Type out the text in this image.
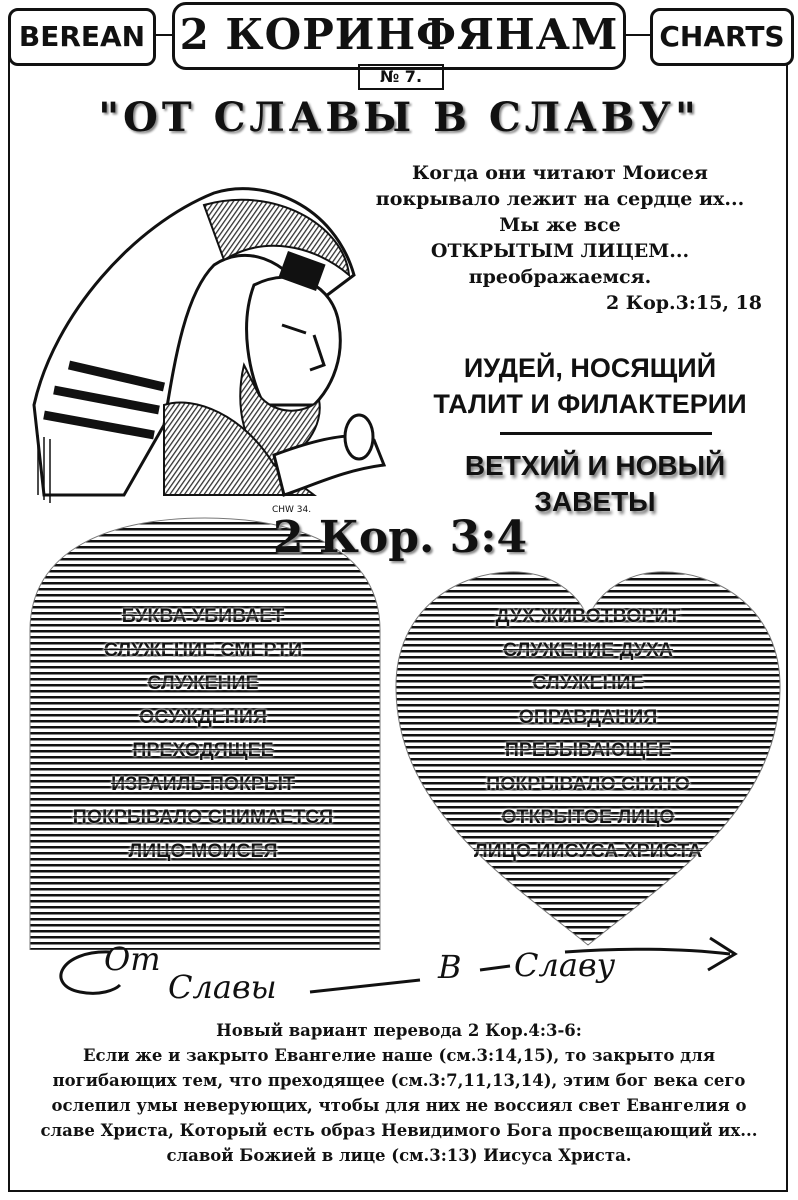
BEREAN	CHARTS
2 КОРИНФЯНАМ
№ 7.
"ОТ СЛАВЫ В СЛАВУ"
CHW 34.
Когда они читают Моисея
покрывало лежит на сердце их...
Мы же все
ОТКРЫТЫМ ЛИЦЕМ...
преображаемся.
2 Кор.3:15, 18
ИУДЕЙ, НОСЯЩИЙ
ТАЛИТ И ФИЛАКТЕРИИ
ВЕТХИЙ И НОВЫЙ
ЗАВЕТЫ
2 Кор. 3:4
БУКВА УБИВАЕТ
СЛУЖЕНИЕ СМЕРТИ
СЛУЖЕНИЕ
ОСУЖДЕНИЯ
ПРЕХОДЯЩЕЕ
ИЗРАИЛЬ ПОКРЫТ
ПОКРЫВАЛО СНИМАЕТСЯ
ЛИЦО МОИСЕЯ
ДУХ ЖИВОТВОРИТ
СЛУЖЕНИЕ ДУХА
СЛУЖЕНИЕ
ОПРАВДАНИЯ
ПРЕБЫВАЮЩЕЕ
ПОКРЫВАЛО СНЯТО
ОТКРЫТОЕ ЛИЦО
ЛИЦО ИИСУСА ХРИСТА
От
Славы
В Славу
Новый вариант перевода 2 Кор.4:3-6:
Если же и закрыто Евангелие наше (см.3:14,15), то закрыто для
погибающих тем, что преходящее (см.3:7,11,13,14), этим бог века сего
ослепил умы неверующих, чтобы для них не воссиял свет Евангелия о
славе Христа, Который есть образ Невидимого Бога просвещающий их...
славой Божией в лице (см.3:13) Иисуса Христа.
